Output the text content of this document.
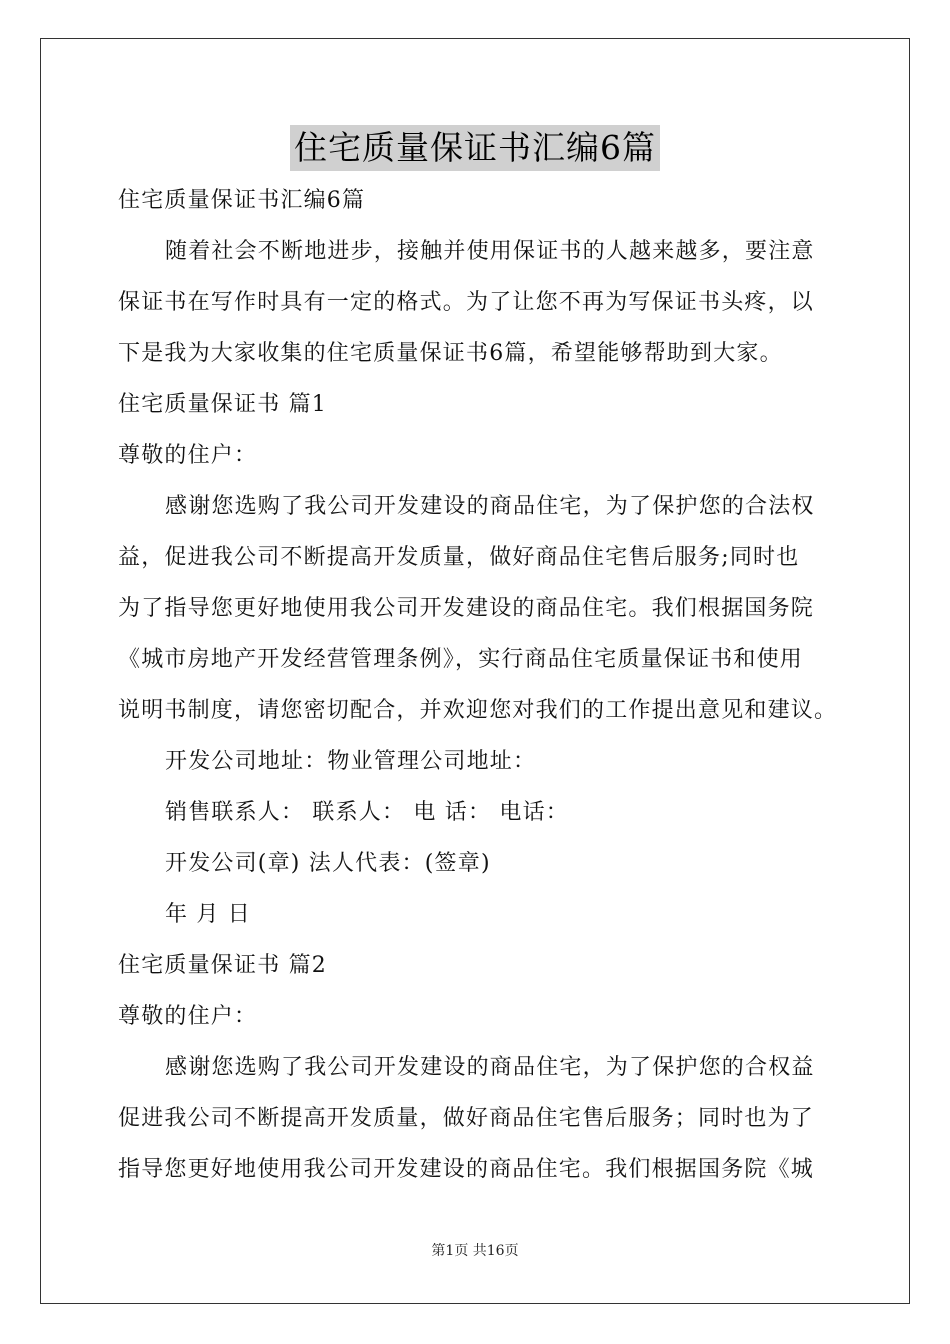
住宅质量保证书汇编6篇
住宅质量保证书汇编6篇
随着社会不断地进步，接触并使用保证书的人越来越多，要注意
保证书在写作时具有一定的格式。为了让您不再为写保证书头疼，以
下是我为大家收集的住宅质量保证书6篇，希望能够帮助到大家。
住宅质量保证书 篇1
尊敬的住户：
感谢您选购了我公司开发建设的商品住宅，为了保护您的合法权
益，促进我公司不断提高开发质量，做好商品住宅售后服务;同时也
为了指导您更好地使用我公司开发建设的商品住宅。我们根据国务院
《城市房地产开发经营管理条例》，实行商品住宅质量保证书和使用
说明书制度，请您密切配合，并欢迎您对我们的工作提出意见和建议。
开发公司地址：物业管理公司地址：
销售联系人： 联系人： 电 话： 电话：
开发公司(章) 法人代表：(签章)
年 月 日
住宅质量保证书 篇2
尊敬的住户：
感谢您选购了我公司开发建设的商品住宅，为了保护您的合权益
促进我公司不断提高开发质量，做好商品住宅售后服务；同时也为了
指导您更好地使用我公司开发建设的商品住宅。我们根据国务院《城
第1页 共16页
